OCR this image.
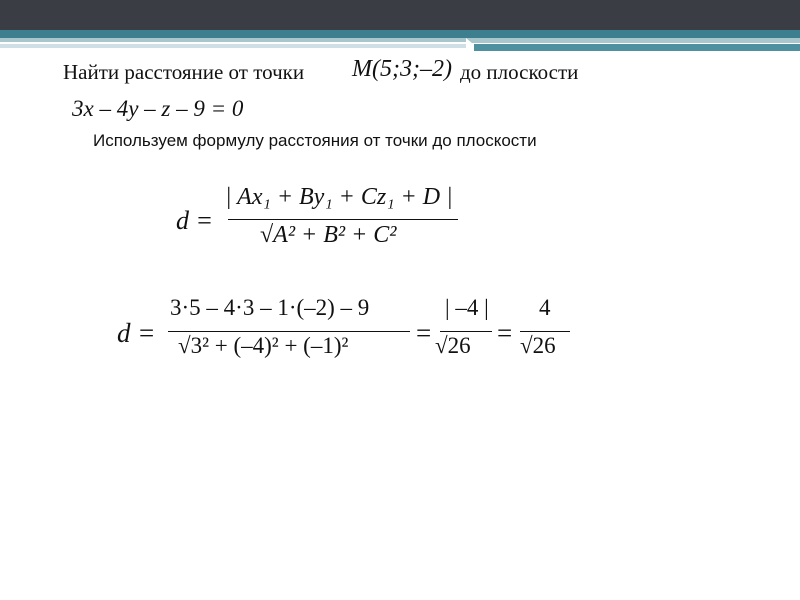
Найти расстояние от точки M(5;3;–2) до плоскости
3x – 4y – z – 9 = 0
Используем формулу расстояния от точки до плоскости
d =
| Ax₁ + By₁ + Cz₁ + D |
√A² + B² + C²
d =
3·5 – 4·3 – 1·(–2) – 9
√3² + (–4)² + (–1)²	=
| –4 |
√26 =
4
√26
